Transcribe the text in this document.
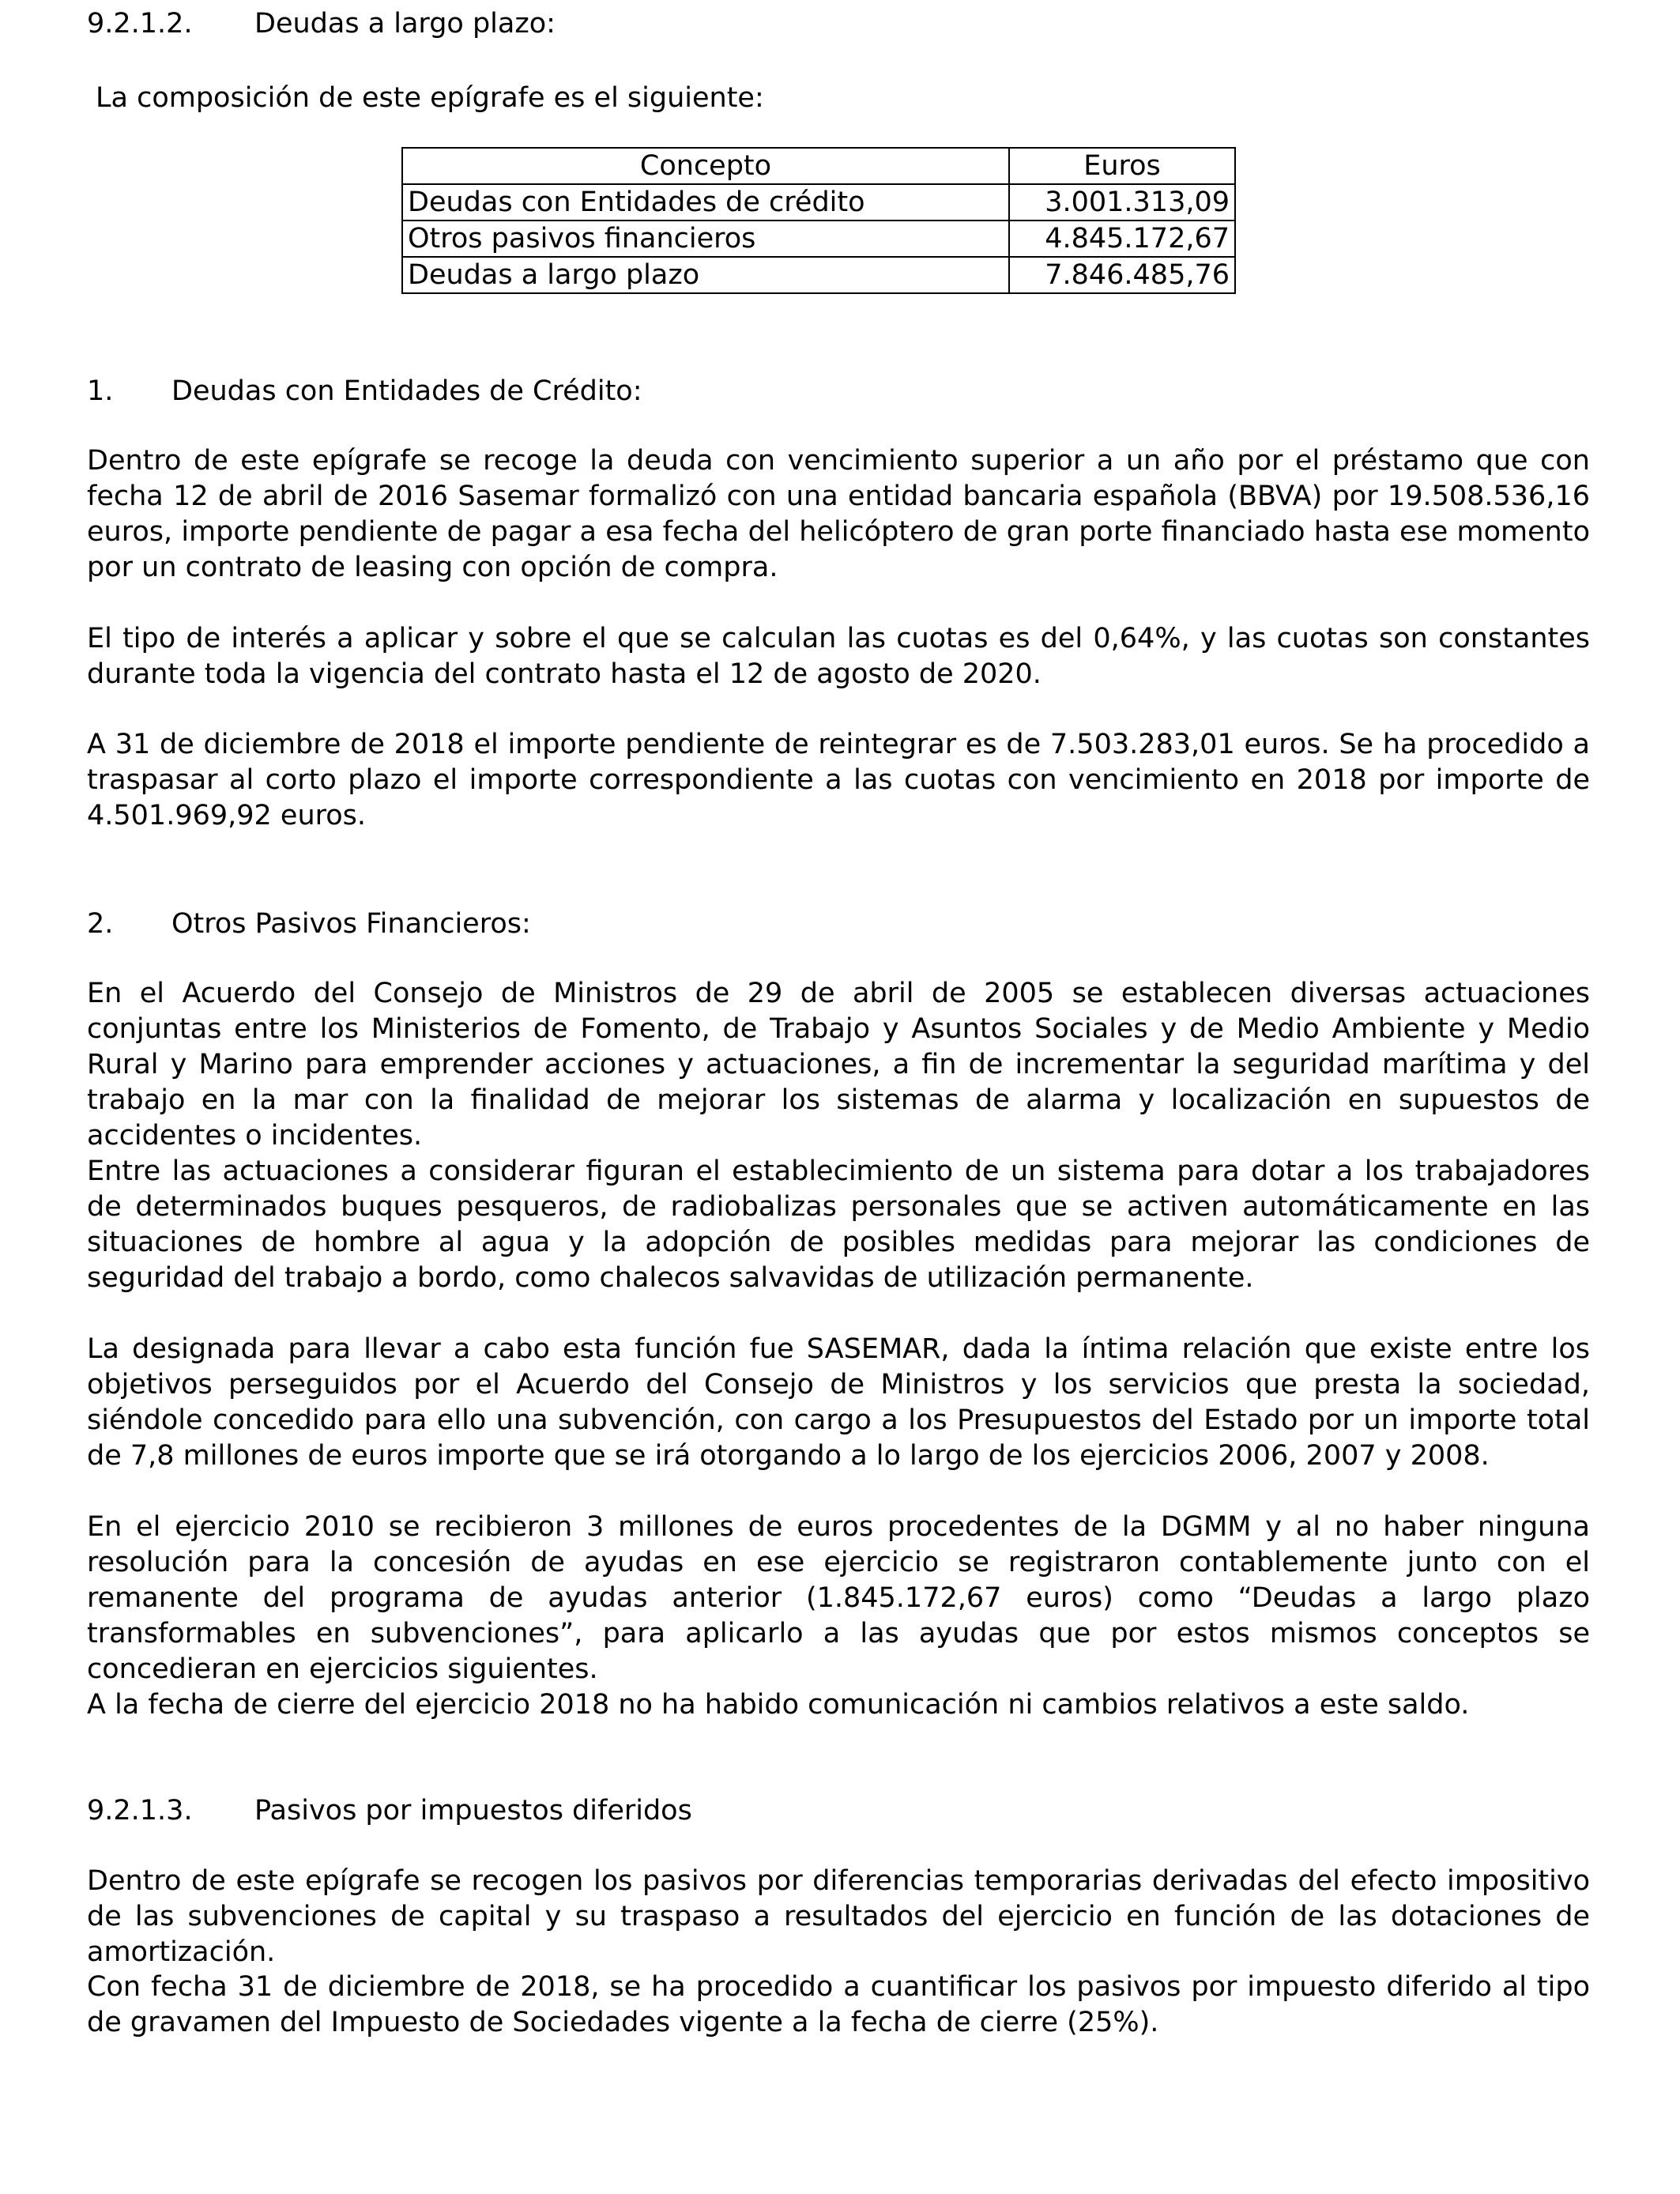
9.2.1.2. Deudas a largo plazo:
La composición de este epígrafe es el siguiente:
Concepto	Euros
Deudas con Entidades de crédito	3.001.313,09
Otros pasivos financieros	4.845.172,67
Deudas a largo plazo	7.846.485,76
1. Deudas con Entidades de Crédito:

Dentro de este epígrafe se recoge la deuda con vencimiento superior a un año por el préstamo que con fecha 12 de abril de 2016 Sasemar formalizó con una entidad bancaria española (BBVA) por 19.508.536,16 euros, importe pendiente de pagar a esa fecha del helicóptero de gran porte financiado hasta ese momento por un contrato de leasing con opción de compra.

El tipo de interés a aplicar y sobre el que se calculan las cuotas es del 0,64%, y las cuotas son constantes durante toda la vigencia del contrato hasta el 12 de agosto de 2020.

A 31 de diciembre de 2018 el importe pendiente de reintegrar es de 7.503.283,01 euros. Se ha procedido a traspasar al corto plazo el importe correspondiente a las cuotas con vencimiento en 2018 por importe de 4.501.969,92 euros.

2. Otros Pasivos Financieros:

En el Acuerdo del Consejo de Ministros de 29 de abril de 2005 se establecen diversas actuaciones conjuntas entre los Ministerios de Fomento, de Trabajo y Asuntos Sociales y de Medio Ambiente y Medio Rural y Marino para emprender acciones y actuaciones, a fin de incrementar la seguridad marítima y del trabajo en la mar con la finalidad de mejorar los sistemas de alarma y localización en supuestos de accidentes o incidentes.

Entre las actuaciones a considerar figuran el establecimiento de un sistema para dotar a los trabajadores de determinados buques pesqueros, de radiobalizas personales que se activen automáticamente en las situaciones de hombre al agua y la adopción de posibles medidas para mejorar las condiciones de seguridad del trabajo a bordo, como chalecos salvavidas de utilización permanente.

La designada para llevar a cabo esta función fue SASEMAR, dada la íntima relación que existe entre los objetivos perseguidos por el Acuerdo del Consejo de Ministros y los servicios que presta la sociedad, siéndole concedido para ello una subvención, con cargo a los Presupuestos del Estado por un importe total de 7,8 millones de euros importe que se irá otorgando a lo largo de los ejercicios 2006, 2007 y 2008.

En el ejercicio 2010 se recibieron 3 millones de euros procedentes de la DGMM y al no haber ninguna resolución para la concesión de ayudas en ese ejercicio se registraron contablemente junto con el remanente del programa de ayudas anterior (1.845.172,67 euros) como “Deudas a largo plazo transformables en subvenciones”, para aplicarlo a las ayudas que por estos mismos conceptos se concedieran en ejercicios siguientes.

A la fecha de cierre del ejercicio 2018 no ha habido comunicación ni cambios relativos a este saldo.

9.2.1.3. Pasivos por impuestos diferidos

Dentro de este epígrafe se recogen los pasivos por diferencias temporarias derivadas del efecto impositivo de las subvenciones de capital y su traspaso a resultados del ejercicio en función de las dotaciones de amortización.

Con fecha 31 de diciembre de 2018, se ha procedido a cuantificar los pasivos por impuesto diferido al tipo de gravamen del Impuesto de Sociedades vigente a la fecha de cierre (25%).
